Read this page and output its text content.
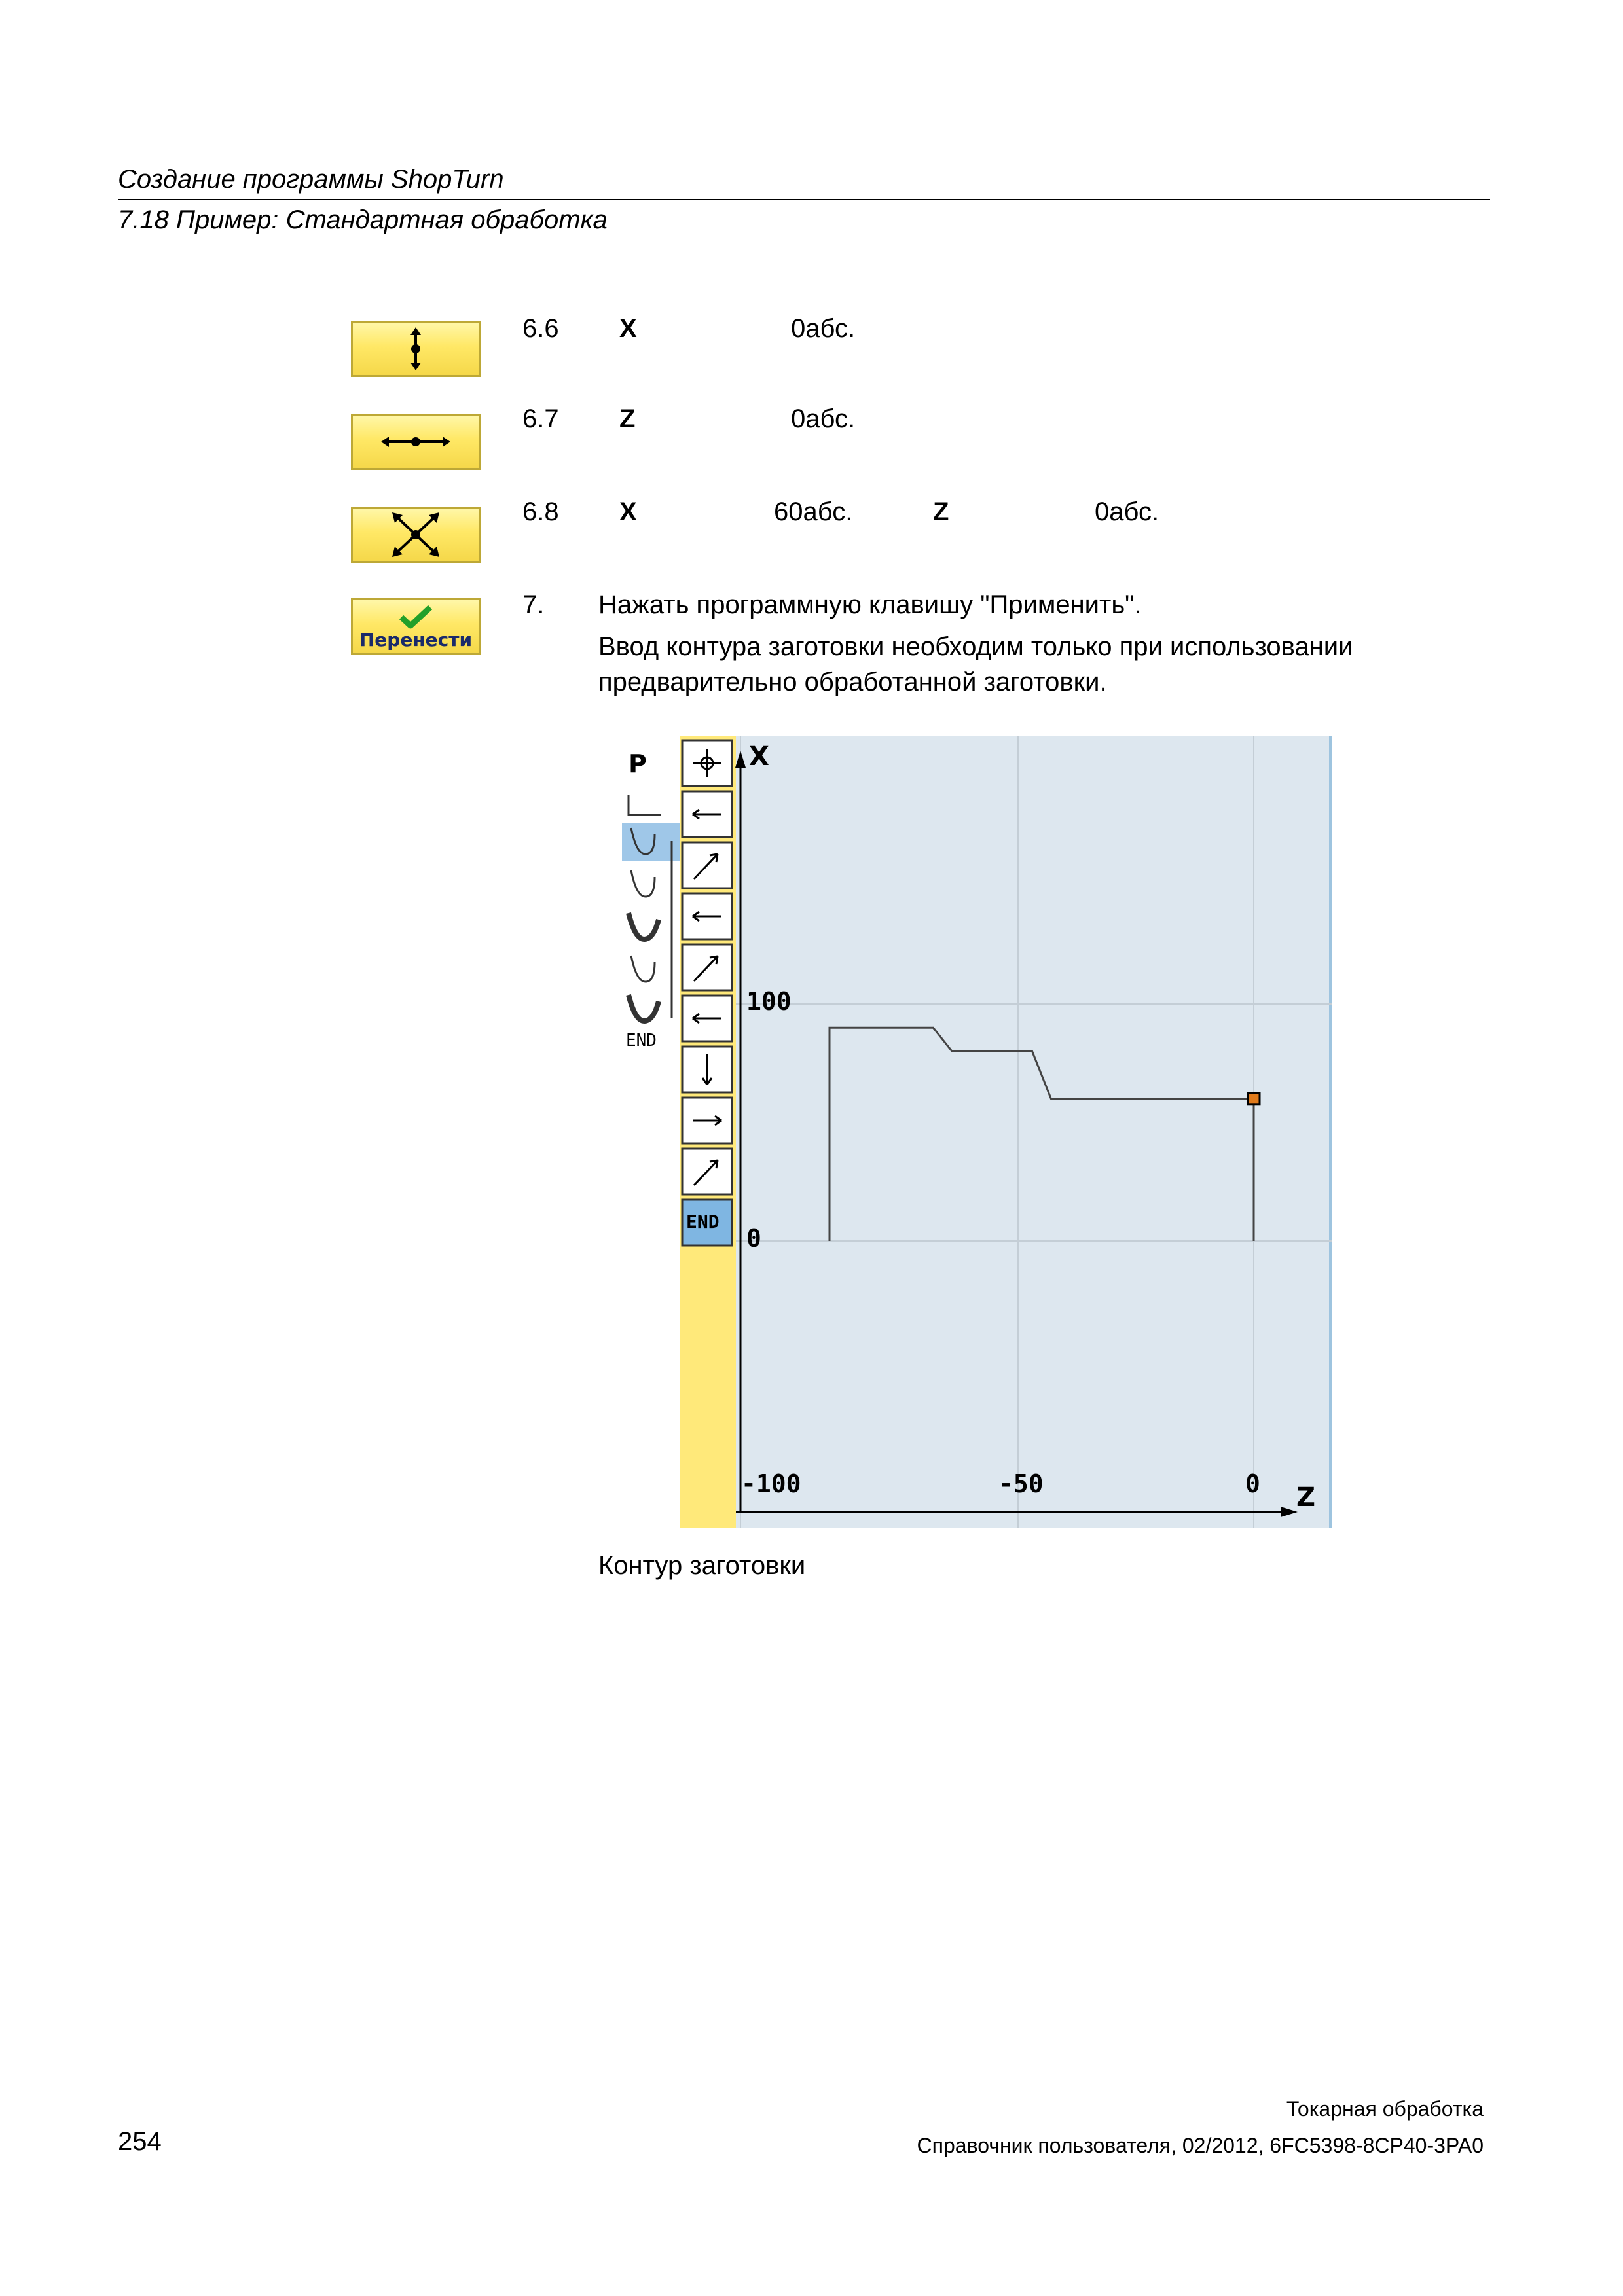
Создание программы ShopTurn
7.18 Пример: Стандартная обработка
6.6 X	0абс.
6.7 Z	0абс.
6.8 X	60абс.	Z	0абс.
Перенести
7. Нажать программную клавишу "Применить".
Ввод контура заготовки необходим только при использовании
предварительно обработанной заготовки.
P
END
END
X
Z
100
0
-100	-50	0
Контур заготовки
Токарная обработка
Справочник пользователя, 02/2012, 6FC5398-8CP40-3PA0
254
